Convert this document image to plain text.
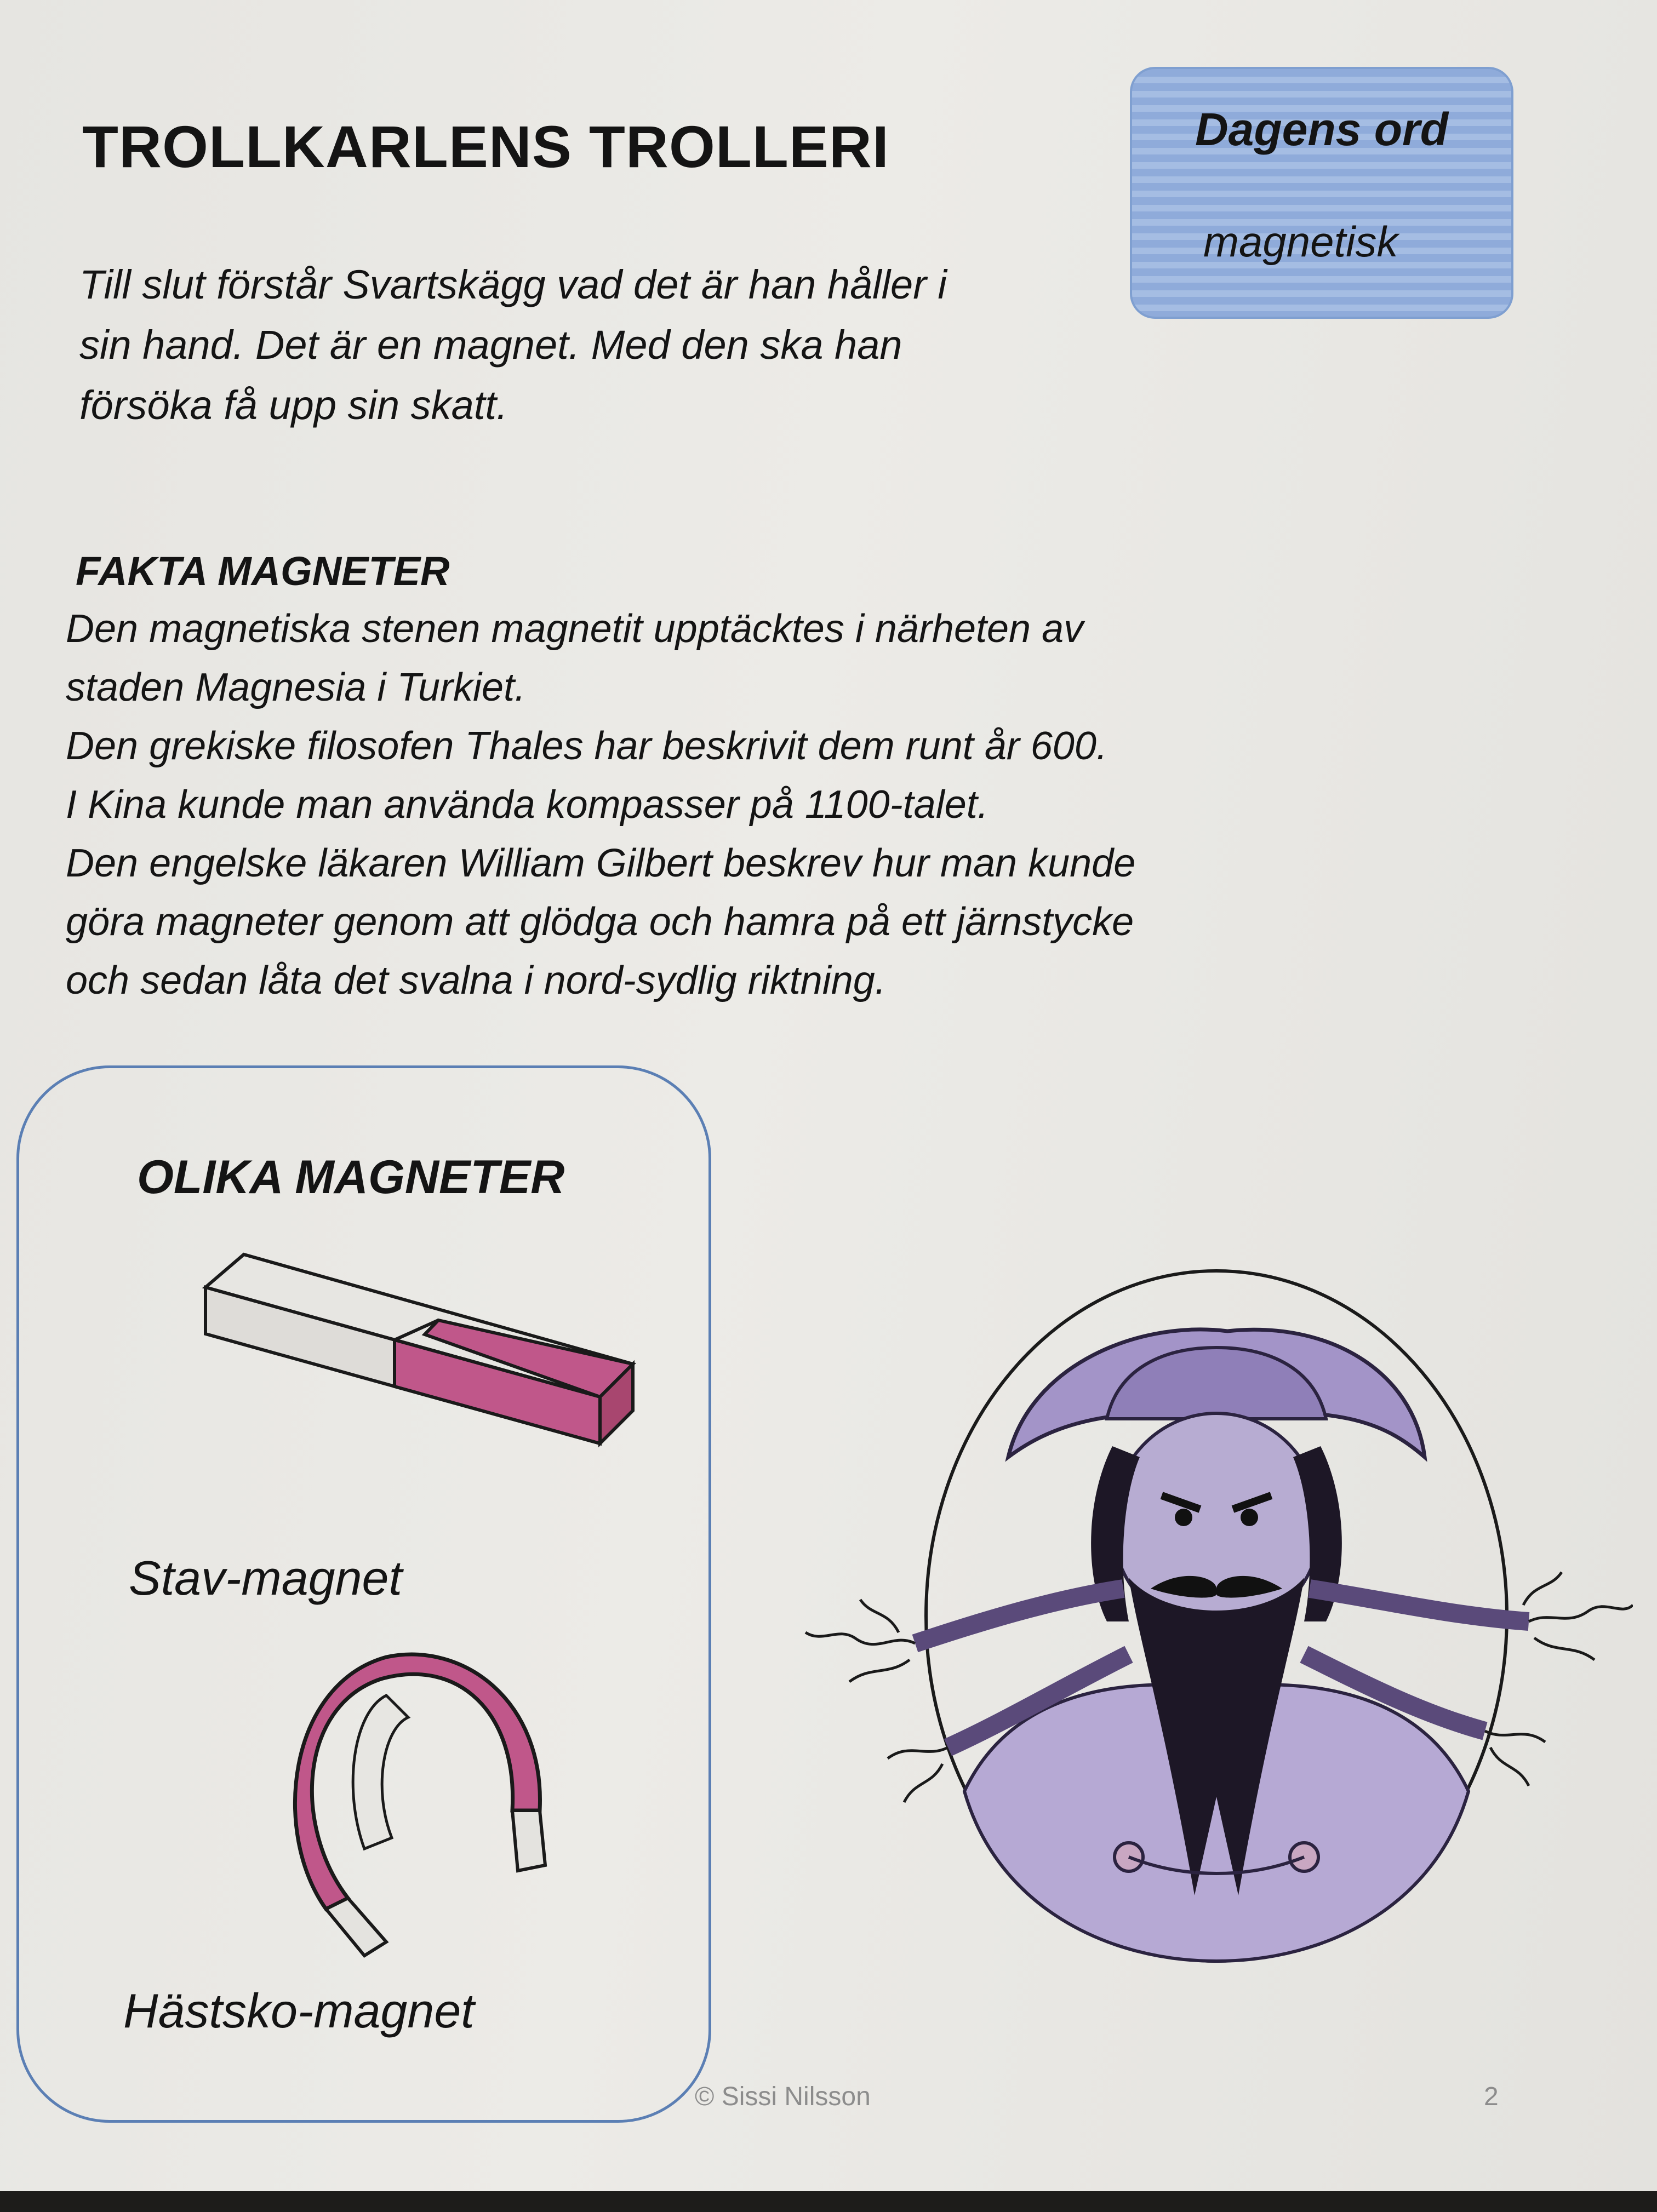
TROLLKARLENS TROLLERI

Till slut förstår Svartskägg vad det är han håller i
sin hand. Det är en magnet. Med den ska han
försöka få upp sin skatt.

Dagens ord
magnetisk
FAKTA MAGNETER
Den magnetiska stenen magnetit upptäcktes i närheten av
staden Magnesia i Turkiet.
Den grekiske filosofen Thales har beskrivit dem runt år 600.
I Kina kunde man använda kompasser på 1100-talet.
Den engelske läkaren William Gilbert beskrev hur man kunde
göra magneter genom att glödga och hamra på ett järnstycke
och sedan låta det svalna i nord-sydlig riktning.
OLIKA MAGNETER
Stav-magnet
Hästsko-magnet
© Sissi Nilsson	2
